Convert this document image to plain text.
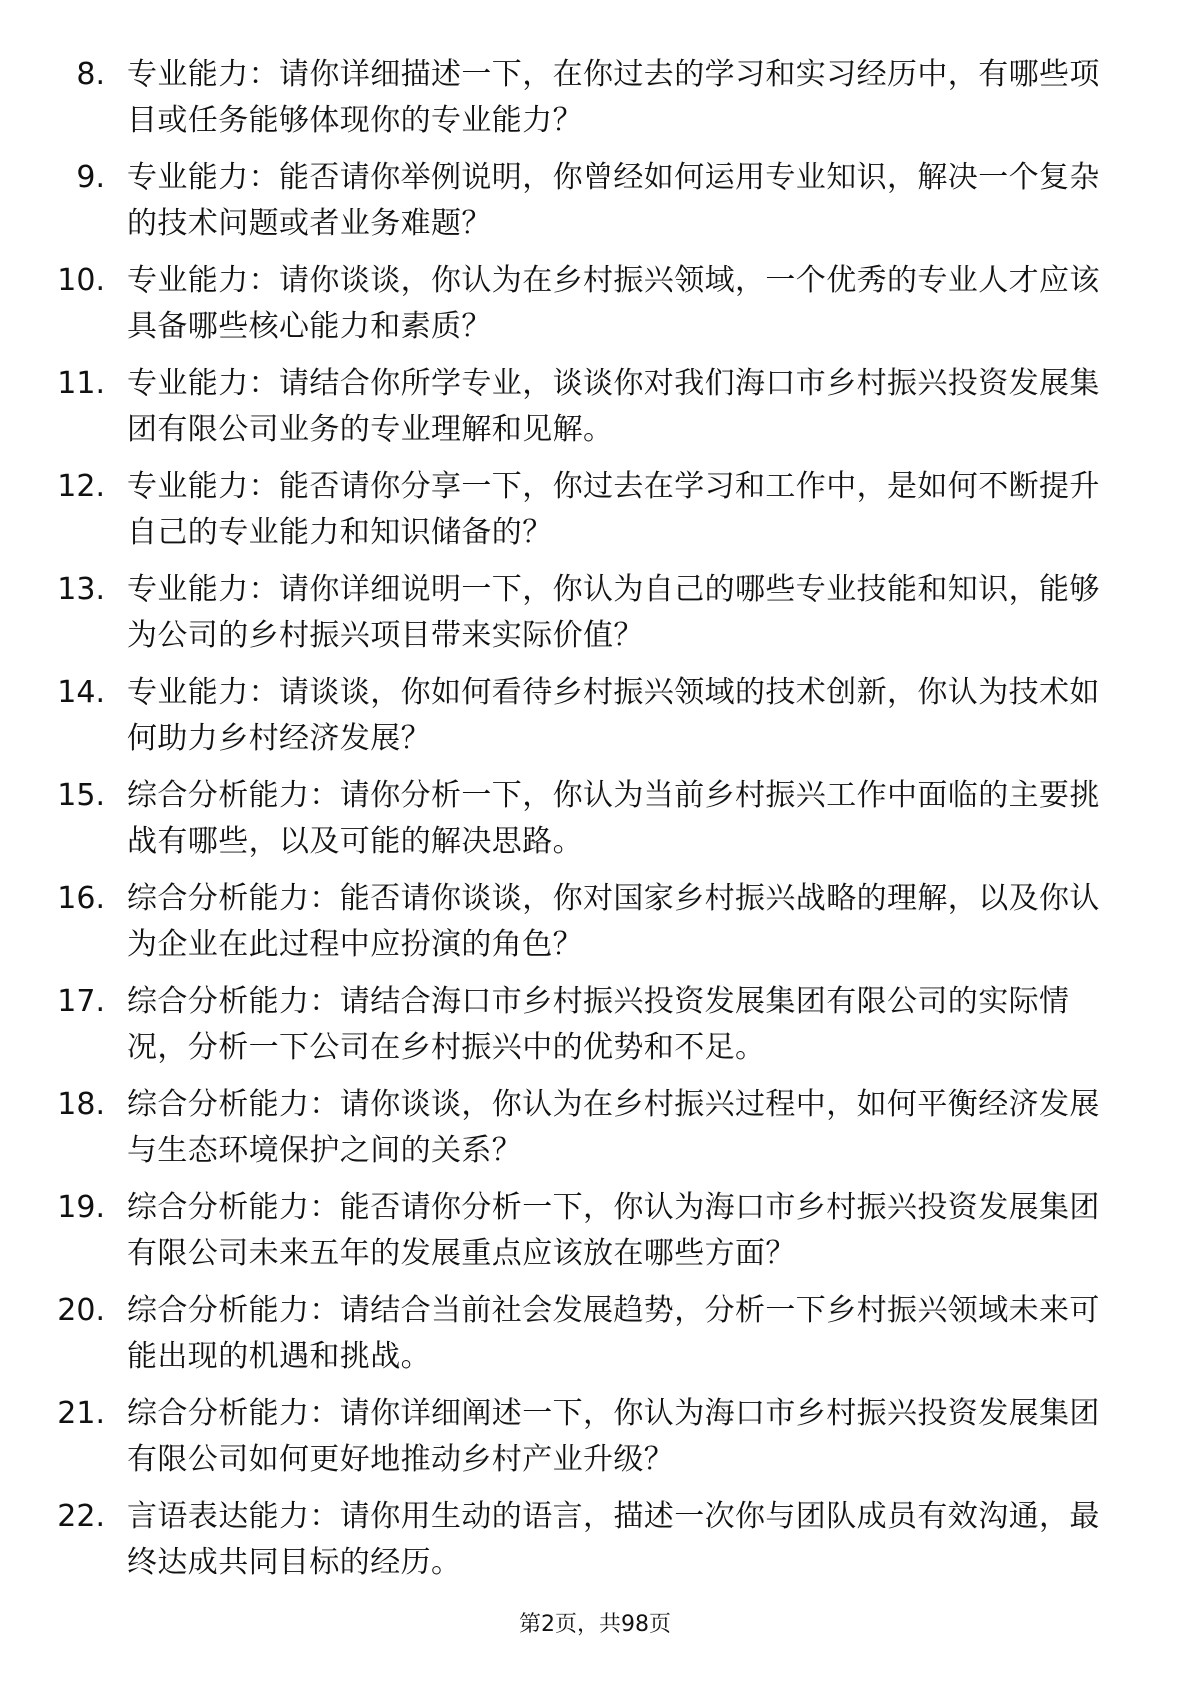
8. 专业能力：请你详细描述一下，在你过去的学习和实习经历中，有哪些项目或任务能够体现你的专业能力？
9. 专业能力：能否请你举例说明，你曾经如何运用专业知识，解决一个复杂的技术问题或者业务难题？
10. 专业能力：请你谈谈，你认为在乡村振兴领域，一个优秀的专业人才应该具备哪些核心能力和素质？
11. 专业能力：请结合你所学专业，谈谈你对我们海口市乡村振兴投资发展集团有限公司业务的专业理解和见解。
12. 专业能力：能否请你分享一下，你过去在学习和工作中，是如何不断提升自己的专业能力和知识储备的？
13. 专业能力：请你详细说明一下，你认为自己的哪些专业技能和知识，能够为公司的乡村振兴项目带来实际价值？
14. 专业能力：请谈谈，你如何看待乡村振兴领域的技术创新，你认为技术如何助力乡村经济发展？
15. 综合分析能力：请你分析一下，你认为当前乡村振兴工作中面临的主要挑战有哪些，以及可能的解决思路。
16. 综合分析能力：能否请你谈谈，你对国家乡村振兴战略的理解，以及你认为企业在此过程中应扮演的角色？
17. 综合分析能力：请结合海口市乡村振兴投资发展集团有限公司的实际情况，分析一下公司在乡村振兴中的优势和不足。
18. 综合分析能力：请你谈谈，你认为在乡村振兴过程中，如何平衡经济发展与生态环境保护之间的关系？
19. 综合分析能力：能否请你分析一下，你认为海口市乡村振兴投资发展集团有限公司未来五年的发展重点应该放在哪些方面？
20. 综合分析能力：请结合当前社会发展趋势，分析一下乡村振兴领域未来可能出现的机遇和挑战。
21. 综合分析能力：请你详细阐述一下，你认为海口市乡村振兴投资发展集团有限公司如何更好地推动乡村产业升级？
22. 言语表达能力：请你用生动的语言，描述一次你与团队成员有效沟通，最终达成共同目标的经历。
第2页，共98页
